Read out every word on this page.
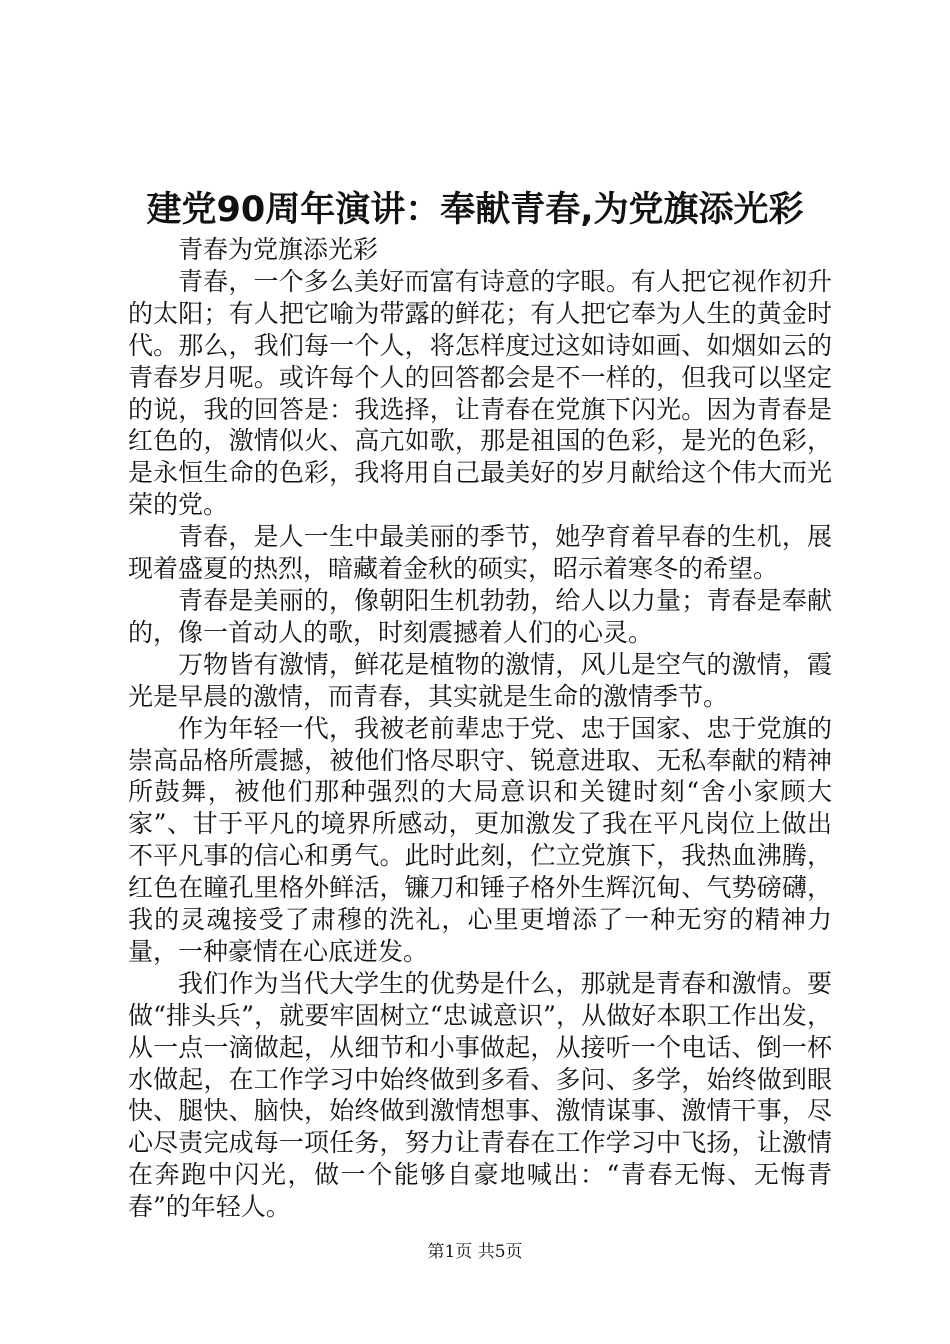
建党90周年演讲：奉献青春,为党旗添光彩

青春为党旗添光彩

青春，一个多么美好而富有诗意的字眼。有人把它视作初升的太阳；有人把它喻为带露的鲜花；有人把它奉为人生的黄金时代。那么，我们每一个人，将怎样度过这如诗如画、如烟如云的青春岁月呢。或许每个人的回答都会是不一样的，但我可以坚定的说，我的回答是：我选择，让青春在党旗下闪光。因为青春是红色的，激情似火、高亢如歌，那是祖国的色彩，是光的色彩，是永恒生命的色彩，我将用自己最美好的岁月献给这个伟大而光荣的党。

青春，是人一生中最美丽的季节，她孕育着早春的生机，展现着盛夏的热烈，暗藏着金秋的硕实，昭示着寒冬的希望。

青春是美丽的，像朝阳生机勃勃，给人以力量；青春是奉献的，像一首动人的歌，时刻震撼着人们的心灵。

万物皆有激情，鲜花是植物的激情，风儿是空气的激情，霞光是早晨的激情，而青春，其实就是生命的激情季节。

作为年轻一代，我被老前辈忠于党、忠于国家、忠于党旗的崇高品格所震撼，被他们恪尽职守、锐意进取、无私奉献的精神所鼓舞，被他们那种强烈的大局意识和关键时刻“舍小家顾大家”、甘于平凡的境界所感动，更加激发了我在平凡岗位上做出不平凡事的信心和勇气。此时此刻，伫立党旗下，我热血沸腾，红色在瞳孔里格外鲜活，镰刀和锤子格外生辉沉甸、气势磅礴，我的灵魂接受了肃穆的洗礼，心里更增添了一种无穷的精神力量，一种豪情在心底迸发。

我们作为当代大学生的优势是什么，那就是青春和激情。要做“排头兵”，就要牢固树立“忠诚意识”，从做好本职工作出发，从一点一滴做起，从细节和小事做起，从接听一个电话、倒一杯水做起，在工作学习中始终做到多看、多问、多学，始终做到眼快、腿快、脑快，始终做到激情想事、激情谋事、激情干事，尽心尽责完成每一项任务，努力让青春在工作学习中飞扬，让激情在奔跑中闪光，做一个能够自豪地喊出：“青春无悔、无悔青春”的年轻人。

第1页 共5页
